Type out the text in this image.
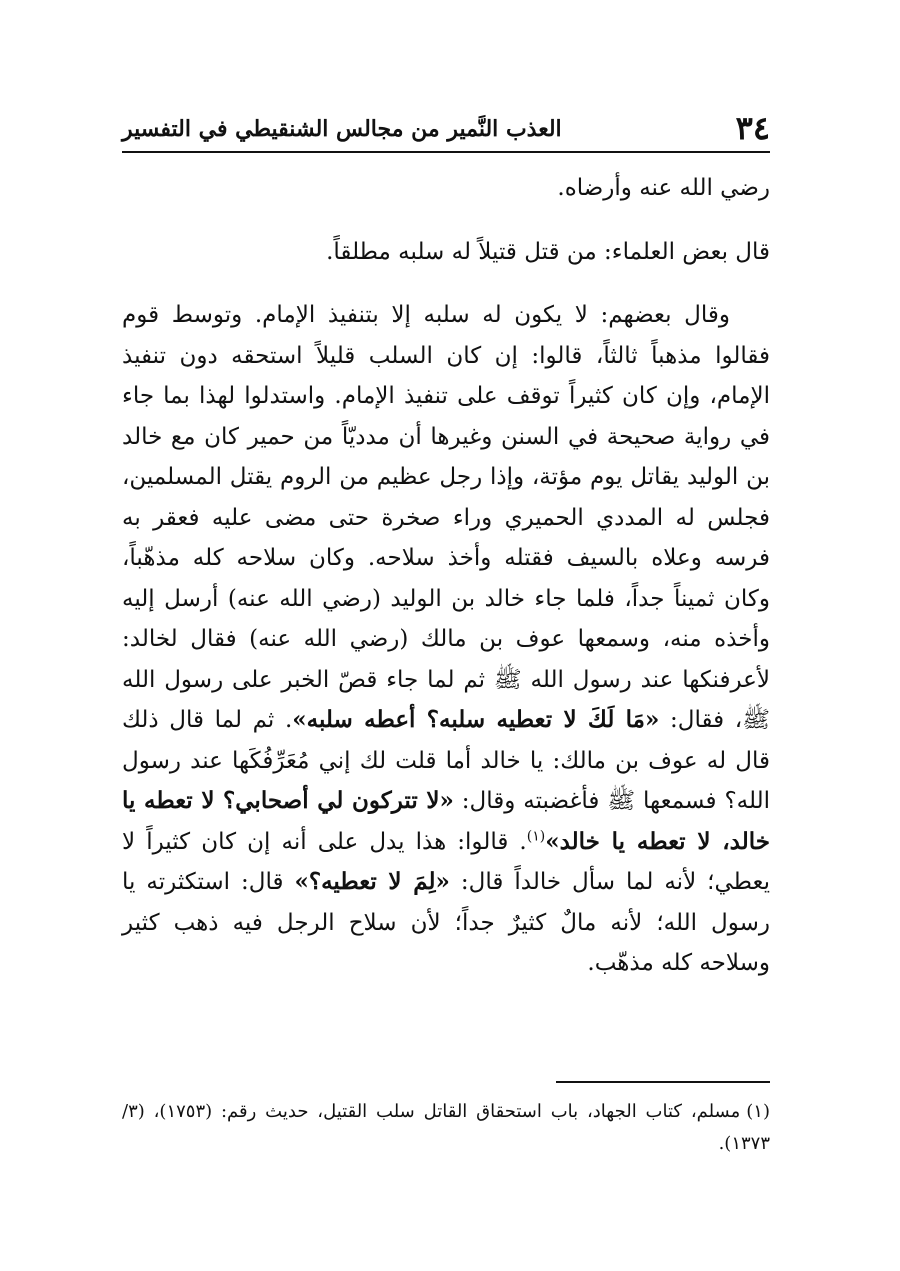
٣٤
العذب النَّمير من مجالس الشنقيطي في التفسير

رضي الله عنه وأرضاه.

قال بعض العلماء: من قتل قتيلاً له سلبه مطلقاً.

وقال بعضهم: لا يكون له سلبه إلا بتنفيذ الإمام. وتوسط قوم فقالوا مذهباً ثالثاً، قالوا: إن كان السلب قليلاً استحقه دون تنفيذ الإمام، وإن كان كثيراً توقف على تنفيذ الإمام. واستدلوا لهذا بما جاء في رواية صحيحة في السنن وغيرها أن مدديّاً من حمير كان مع خالد بن الوليد يقاتل يوم مؤتة، وإذا رجل عظيم من الروم يقتل المسلمين، فجلس له المددي الحميري وراء صخرة حتى مضى عليه فعقر به فرسه وعلاه بالسيف فقتله وأخذ سلاحه. وكان سلاحه كله مذهّباً، وكان ثميناً جداً، فلما جاء خالد بن الوليد (رضي الله عنه) أرسل إليه وأخذه منه، وسمعها عوف بن مالك (رضي الله عنه) فقال لخالد: لأعرفنكها عند رسول الله ﷺ ثم لما جاء قصّ الخبر على رسول الله ﷺ، فقال: «مَا لَكَ لا تعطيه سلبه؟ أعطه سلبه». ثم لما قال ذلك قال له عوف بن مالك: يا خالد أما قلت لك إني مُعَرِّفُكَها عند رسول الله؟ فسمعها ﷺ فأغضبته وقال: «لا تتركون لي أصحابي؟ لا تعطه يا خالد، لا تعطه يا خالد»$^{(١)}$. قالوا: هذا يدل على أنه إن كان كثيراً لا يعطي؛ لأنه لما سأل خالداً قال: «لِمَ لا تعطيه؟» قال: استكثرته يا رسول الله؛ لأنه مالٌ كثيرٌ جداً؛ لأن سلاح الرجل فيه ذهب كثير وسلاحه كله مذهّب.

(١)مسلم، كتاب الجهاد، باب استحقاق القاتل سلب القتيل، حديث رقم: (١٧٥٣)، (٣/ ١٣٧٣).
